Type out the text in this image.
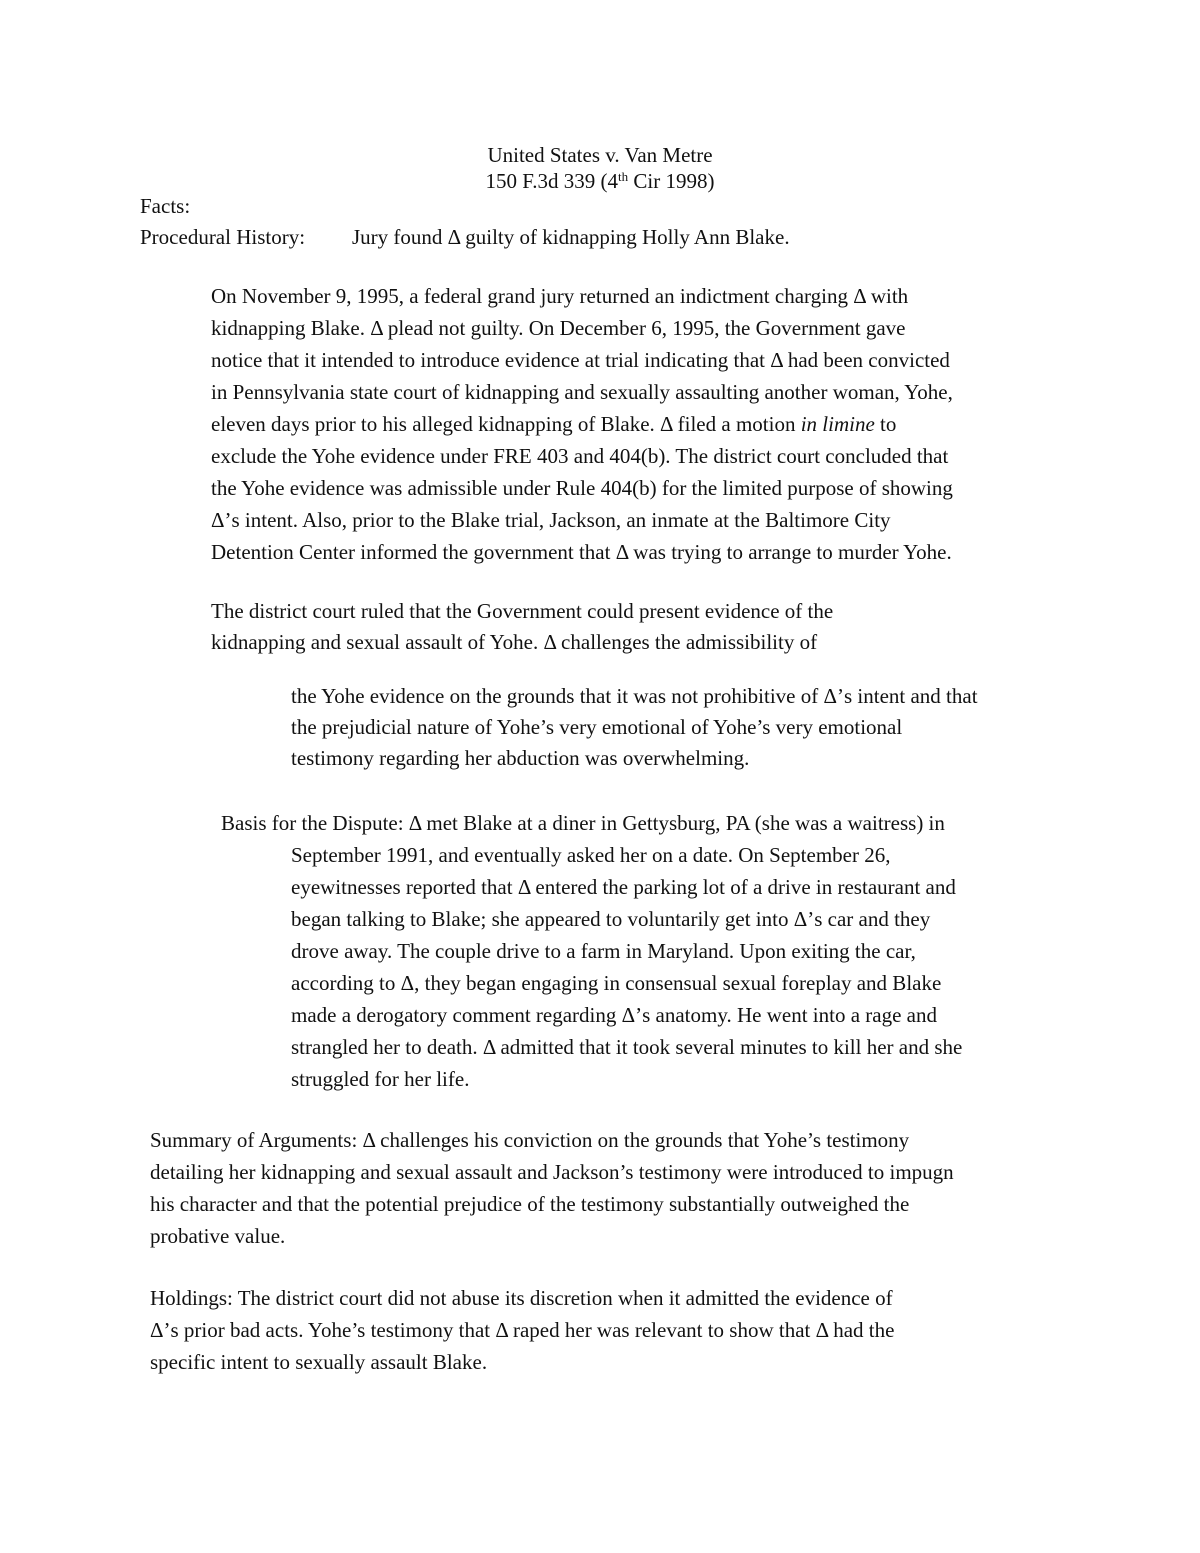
United States v. Van Metre
150 F.3d 339 (4th Cir 1998)
Facts:
Procedural History: Jury found Δ guilty of kidnapping Holly Ann Blake.
On November 9, 1995, a federal grand jury returned an indictment charging Δ with
kidnapping Blake. Δ plead not guilty. On December 6, 1995, the Government gave
notice that it intended to introduce evidence at trial indicating that Δ had been convicted
in Pennsylvania state court of kidnapping and sexually assaulting another woman, Yohe,
eleven days prior to his alleged kidnapping of Blake. Δ filed a motion in limine to
exclude the Yohe evidence under FRE 403 and 404(b). The district court concluded that
the Yohe evidence was admissible under Rule 404(b) for the limited purpose of showing
Δ’s intent. Also, prior to the Blake trial, Jackson, an inmate at the Baltimore City
Detention Center informed the government that Δ was trying to arrange to murder Yohe.
The district court ruled that the Government could present evidence of the
kidnapping and sexual assault of Yohe. Δ challenges the admissibility of
the Yohe evidence on the grounds that it was not prohibitive of Δ’s intent and that
the prejudicial nature of Yohe’s very emotional of Yohe’s very emotional
testimony regarding her abduction was overwhelming.
Basis for the Dispute: Δ met Blake at a diner in Gettysburg, PA (she was a waitress) in
September 1991, and eventually asked her on a date. On September 26,
eyewitnesses reported that Δ entered the parking lot of a drive in restaurant and
began talking to Blake; she appeared to voluntarily get into Δ’s car and they
drove away. The couple drive to a farm in Maryland. Upon exiting the car,
according to Δ, they began engaging in consensual sexual foreplay and Blake
made a derogatory comment regarding Δ’s anatomy. He went into a rage and
strangled her to death. Δ admitted that it took several minutes to kill her and she
struggled for her life.
Summary of Arguments: Δ challenges his conviction on the grounds that Yohe’s testimony
detailing her kidnapping and sexual assault and Jackson’s testimony were introduced to impugn
his character and that the potential prejudice of the testimony substantially outweighed the
probative value.
Holdings: The district court did not abuse its discretion when it admitted the evidence of
Δ’s prior bad acts. Yohe’s testimony that Δ raped her was relevant to show that Δ had the
specific intent to sexually assault Blake.
